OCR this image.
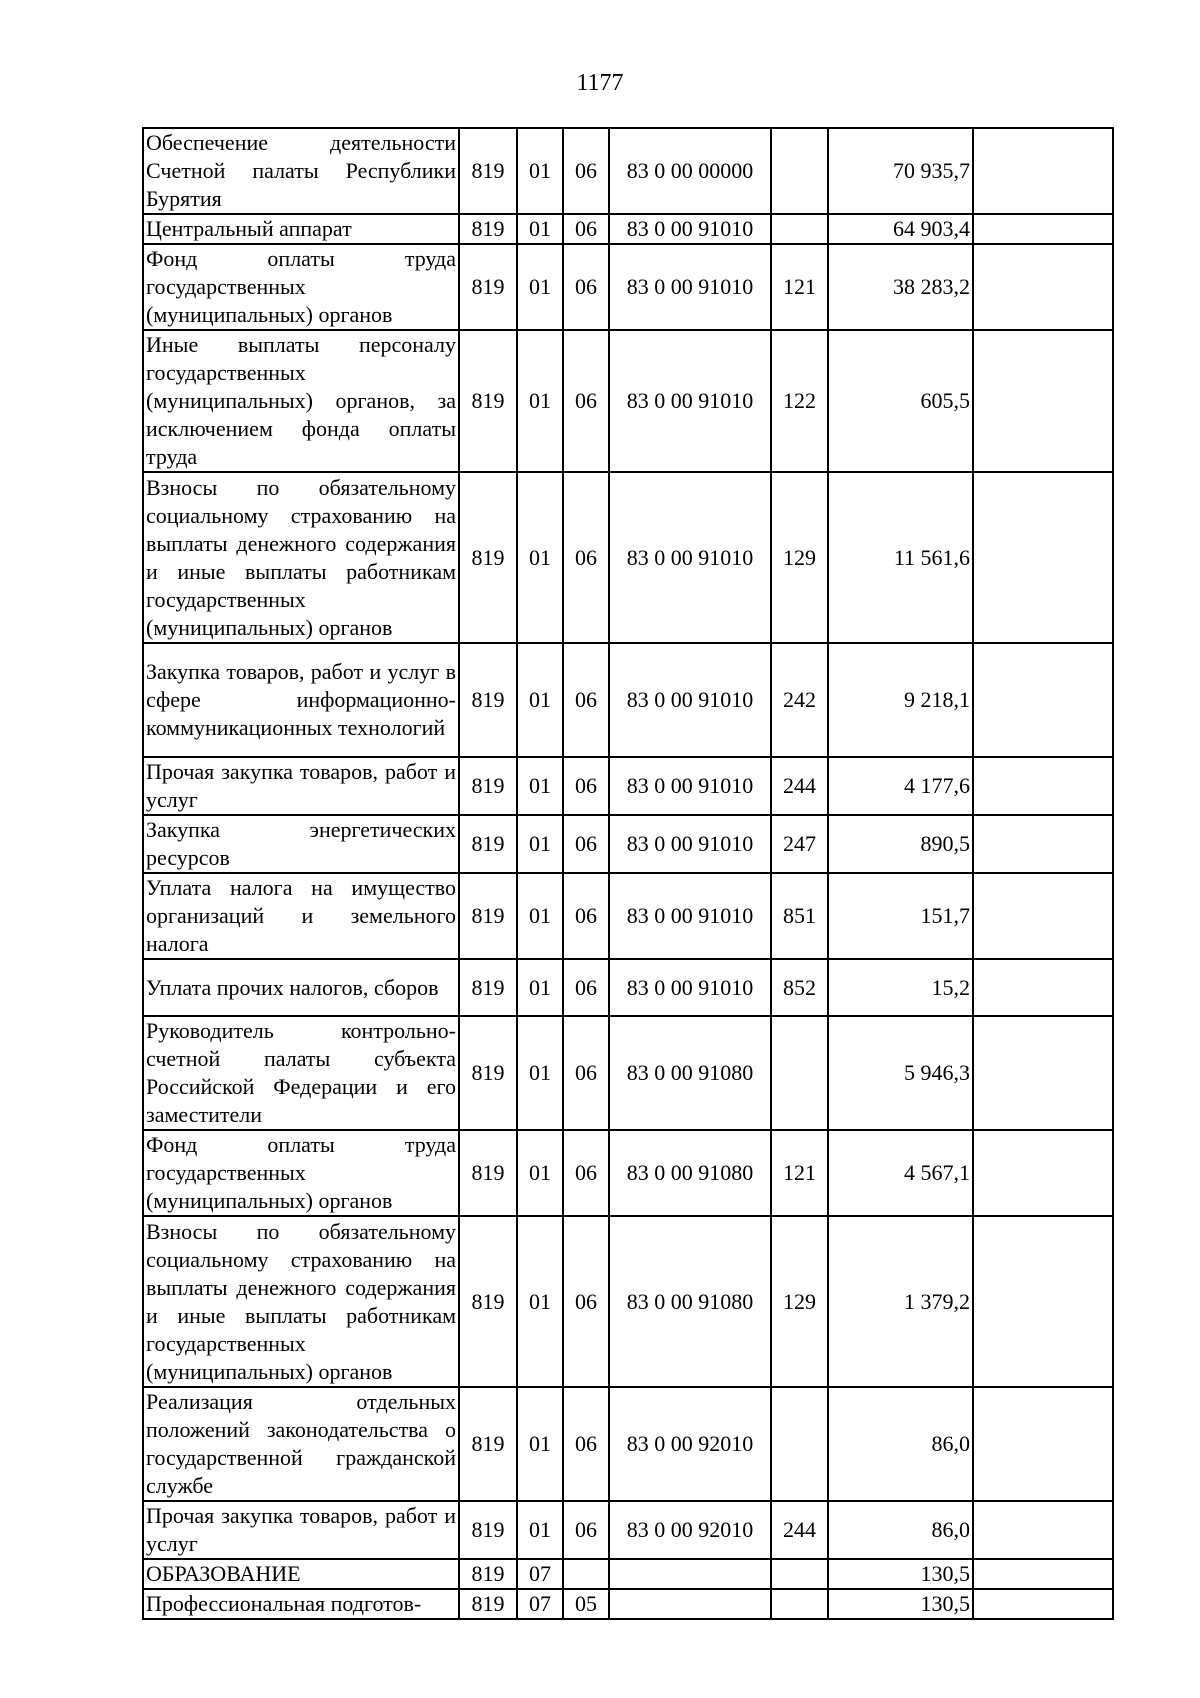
1177
Обеспечение деятельности Счетной палаты Республики Бурятия	819	01	06	83 0 00 00000		70 935,7	
Центральный аппарат	819	01	06	83 0 00 91010		64 903,4	
Фонд оплаты труда государственных (муниципальных) органов	819	01	06	83 0 00 91010	121	38 283,2	
Иные выплаты персоналу государственных (муниципальных) органов, за исключением фонда оплаты труда	819	01	06	83 0 00 91010	122	605,5	
Взносы по обязательному социальному страхованию на выплаты денежного содержания и иные выплаты работникам государственных (муниципальных) органов	819	01	06	83 0 00 91010	129	11 561,6	
Закупка товаров, работ и услуг в сфере информационно-коммуникационных технологий	819	01	06	83 0 00 91010	242	9 218,1	
Прочая закупка товаров, работ и услуг	819	01	06	83 0 00 91010	244	4 177,6	
Закупка энергетических ресурсов	819	01	06	83 0 00 91010	247	890,5	
Уплата налога на имущество организаций и земельного налога	819	01	06	83 0 00 91010	851	151,7	
Уплата прочих налогов, сборов	819	01	06	83 0 00 91010	852	15,2	
Руководитель контрольно-счетной палаты субъекта Российской Федерации и его заместители	819	01	06	83 0 00 91080		5 946,3	
Фонд оплаты труда государственных (муниципальных) органов	819	01	06	83 0 00 91080	121	4 567,1	
Взносы по обязательному социальному страхованию на выплаты денежного содержания и иные выплаты работникам государственных (муниципальных) органов	819	01	06	83 0 00 91080	129	1 379,2	
Реализация отдельных положений законодательства о государственной гражданской службе	819	01	06	83 0 00 92010		86,0	
Прочая закупка товаров, работ и услуг	819	01	06	83 0 00 92010	244	86,0	
ОБРАЗОВАНИЕ	819	07				130,5	
Профессиональная подготов-	819	07	05			130,5	
